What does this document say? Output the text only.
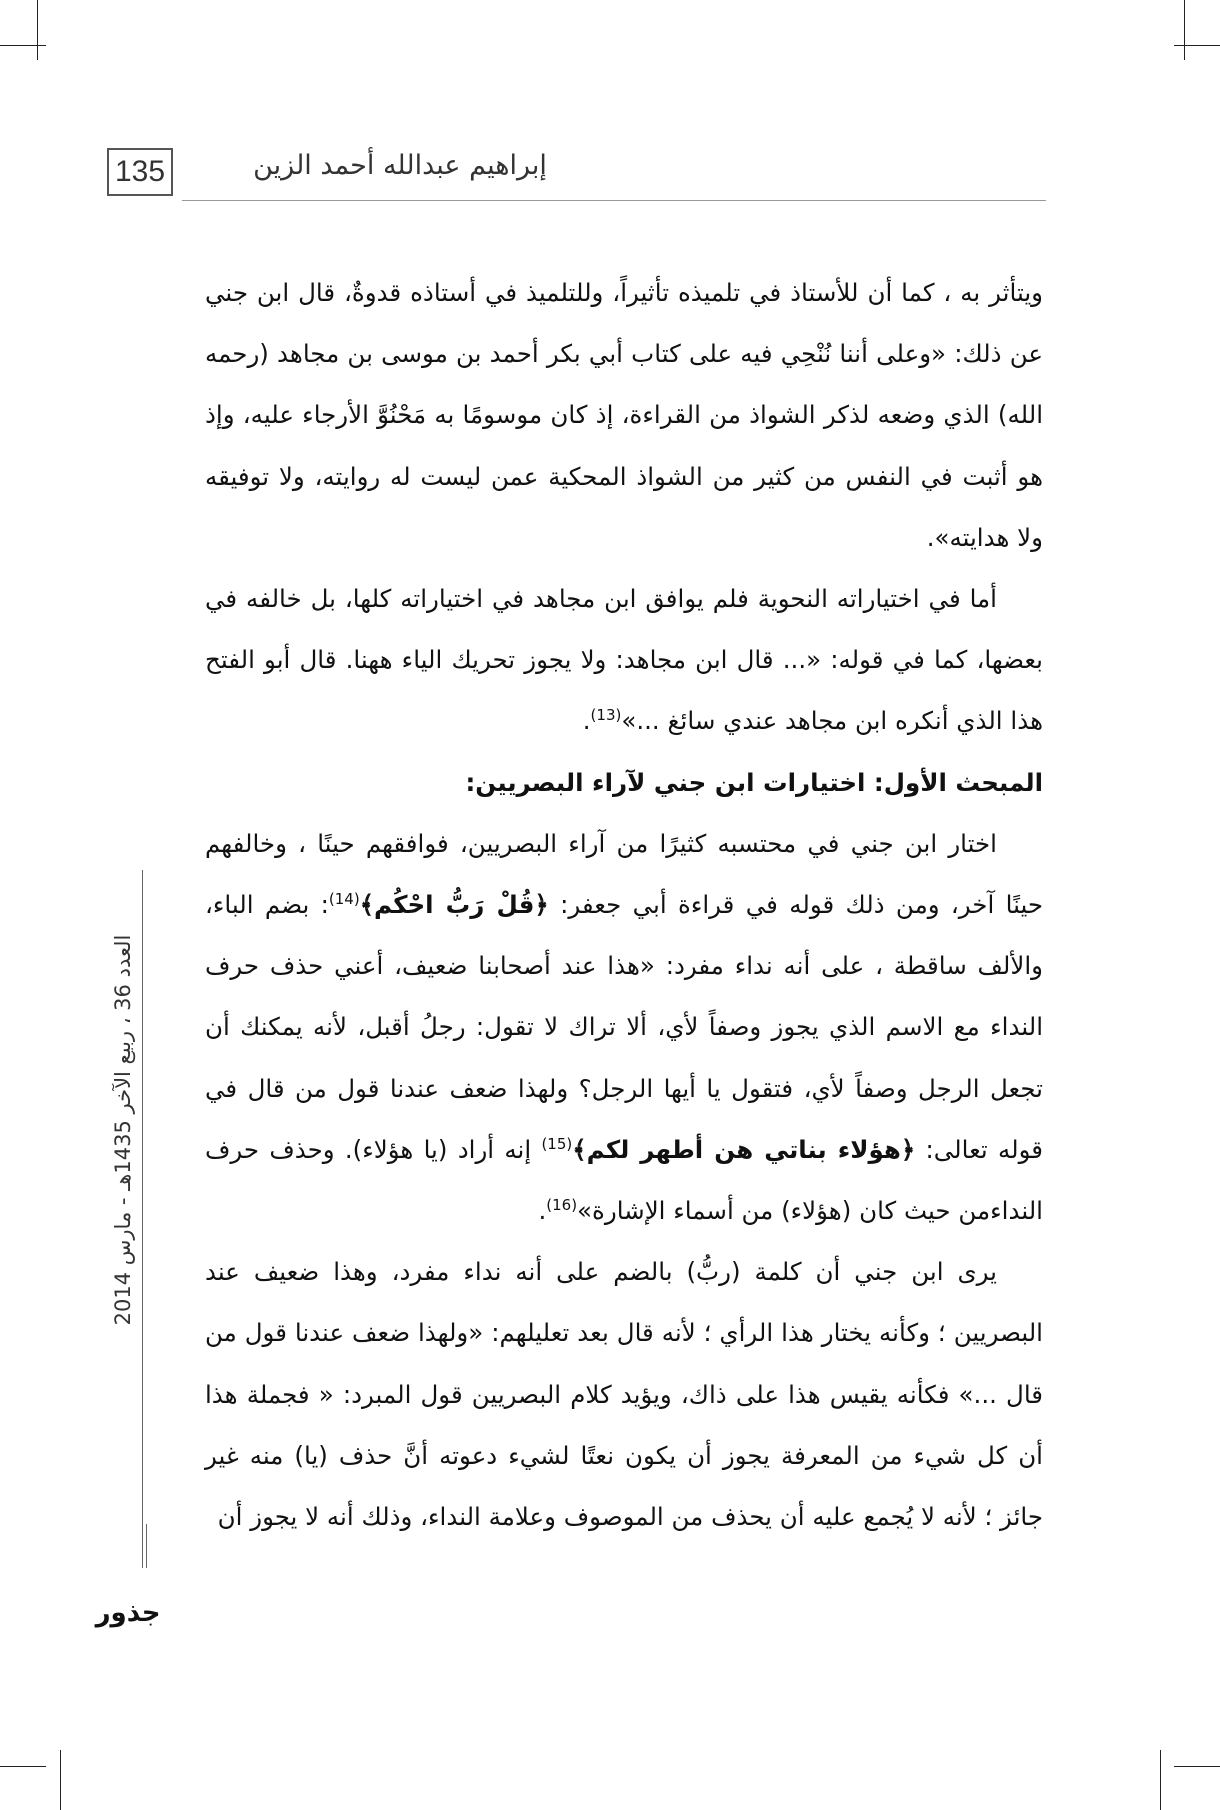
135	إبراهيم عبدالله أحمد الزين

ويتأثر به ، كما أن للأستاذ في تلميذه تأثيراً، وللتلميذ في أستاذه قدوةٌ، قال ابن جني عن ذلك: «وعلى أننا نُنْحِي فيه على كتاب أبي بكر أحمد بن موسى بن مجاهد (رحمه الله) الذي وضعه لذكر الشواذ من القراءة، إذ كان موسومًا به مَحْنُوَّ الأرجاء عليه، وإذ هو أثبت في النفس من كثير من الشواذ المحكية عمن ليست له روايته، ولا توفيقه ولا هدايته».

أما في اختياراته النحوية فلم يوافق ابن مجاهد في اختياراته كلها، بل خالفه في بعضها، كما في قوله: «... قال ابن مجاهد: ولا يجوز تحريك الياء ههنا. قال أبو الفتح هذا الذي أنكره ابن مجاهد عندي سائغ ...»$^{(13)}$.

المبحث الأول: اختيارات ابن جني لآراء البصريين:

اختار ابن جني في محتسبه كثيرًا من آراء البصريين، فوافقهم حينًا ، وخالفهم حينًا آخر، ومن ذلك قوله في قراءة أبي جعفر: ﴿قُلْ رَبُّ احْكُم﴾$^{(14)}$: بضم الباء، والألف ساقطة ، على أنه نداء مفرد: «هذا عند أصحابنا ضعيف، أعني حذف حرف النداء مع الاسم الذي يجوز وصفاً لأي، ألا تراك لا تقول: رجلُ أقبل، لأنه يمكنك أن تجعل الرجل وصفاً لأي، فتقول يا أيها الرجل؟ ولهذا ضعف عندنا قول من قال في قوله تعالى: ﴿هؤلاء بناتي هن أطهر لكم﴾$^{(15)}$ إنه أراد (يا هؤلاء). وحذف حرف النداءمن حيث كان (هؤلاء) من أسماء الإشارة»$^{(16)}$.

يرى ابن جني أن كلمة (ربُّ) بالضم على أنه نداء مفرد، وهذا ضعيف عند البصريين ؛ وكأنه يختار هذا الرأي ؛ لأنه قال بعد تعليلهم: «ولهذا ضعف عندنا قول من قال ...» فكأنه يقيس هذا على ذاك، ويؤيد كلام البصريين قول المبرد: « فجملة هذا أن كل شيء من المعرفة يجوز أن يكون نعتًا لشيء دعوته أنَّ حذف (يا) منه غير جائز ؛ لأنه لا يُجمع عليه أن يحذف من الموصوف وعلامة النداء، وذلك أنه لا يجوز أن

العدد 36 ، ربيع الآخر 1435هـ - مارس 2014
جذور
